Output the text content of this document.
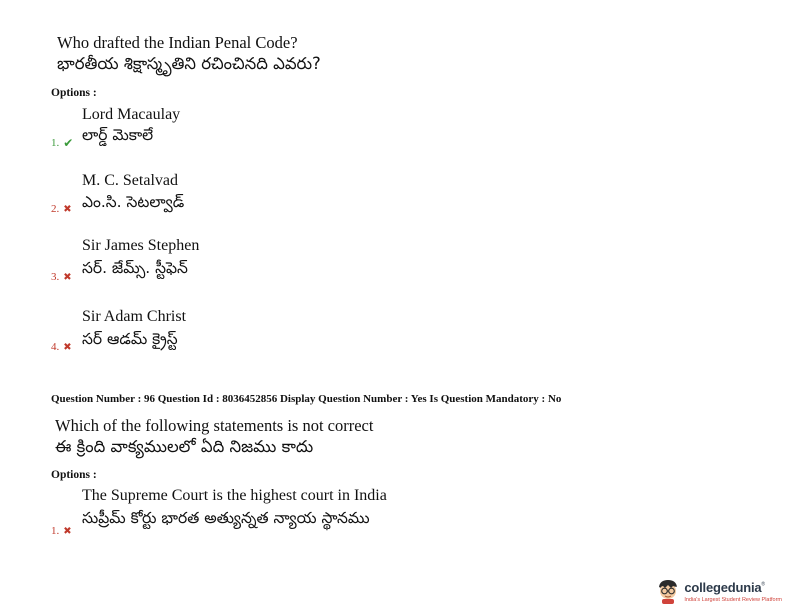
Who drafted the Indian Penal Code?
భారతీయ శిక్షాస్మృతిని రచించినది ఎవరు?
Options :
Lord Macaulay
లార్డ్ మెకాలే
1. ✔
M. C. Setalvad
ఎం.సి. సెటల్వాడ్
2. ✖
Sir James Stephen
సర్. జేమ్స్. స్టీఫెన్
3. ✖
Sir Adam Christ
సర్ ఆడమ్ క్రైస్ట్
4. ✖
Question Number : 96 Question Id : 8036452856 Display Question Number : Yes Is Question Mandatory : No
Which of the following statements is not correct
ఈ క్రింది వాక్యములలో ఏది నిజము కాదు
Options :
The Supreme Court is the highest court in India
సుప్రీమ్ కోర్టు భారత అత్యున్నత న్యాయ స్థానము
1. ✖
collegedunia®
India's Largest Student Review Platform
